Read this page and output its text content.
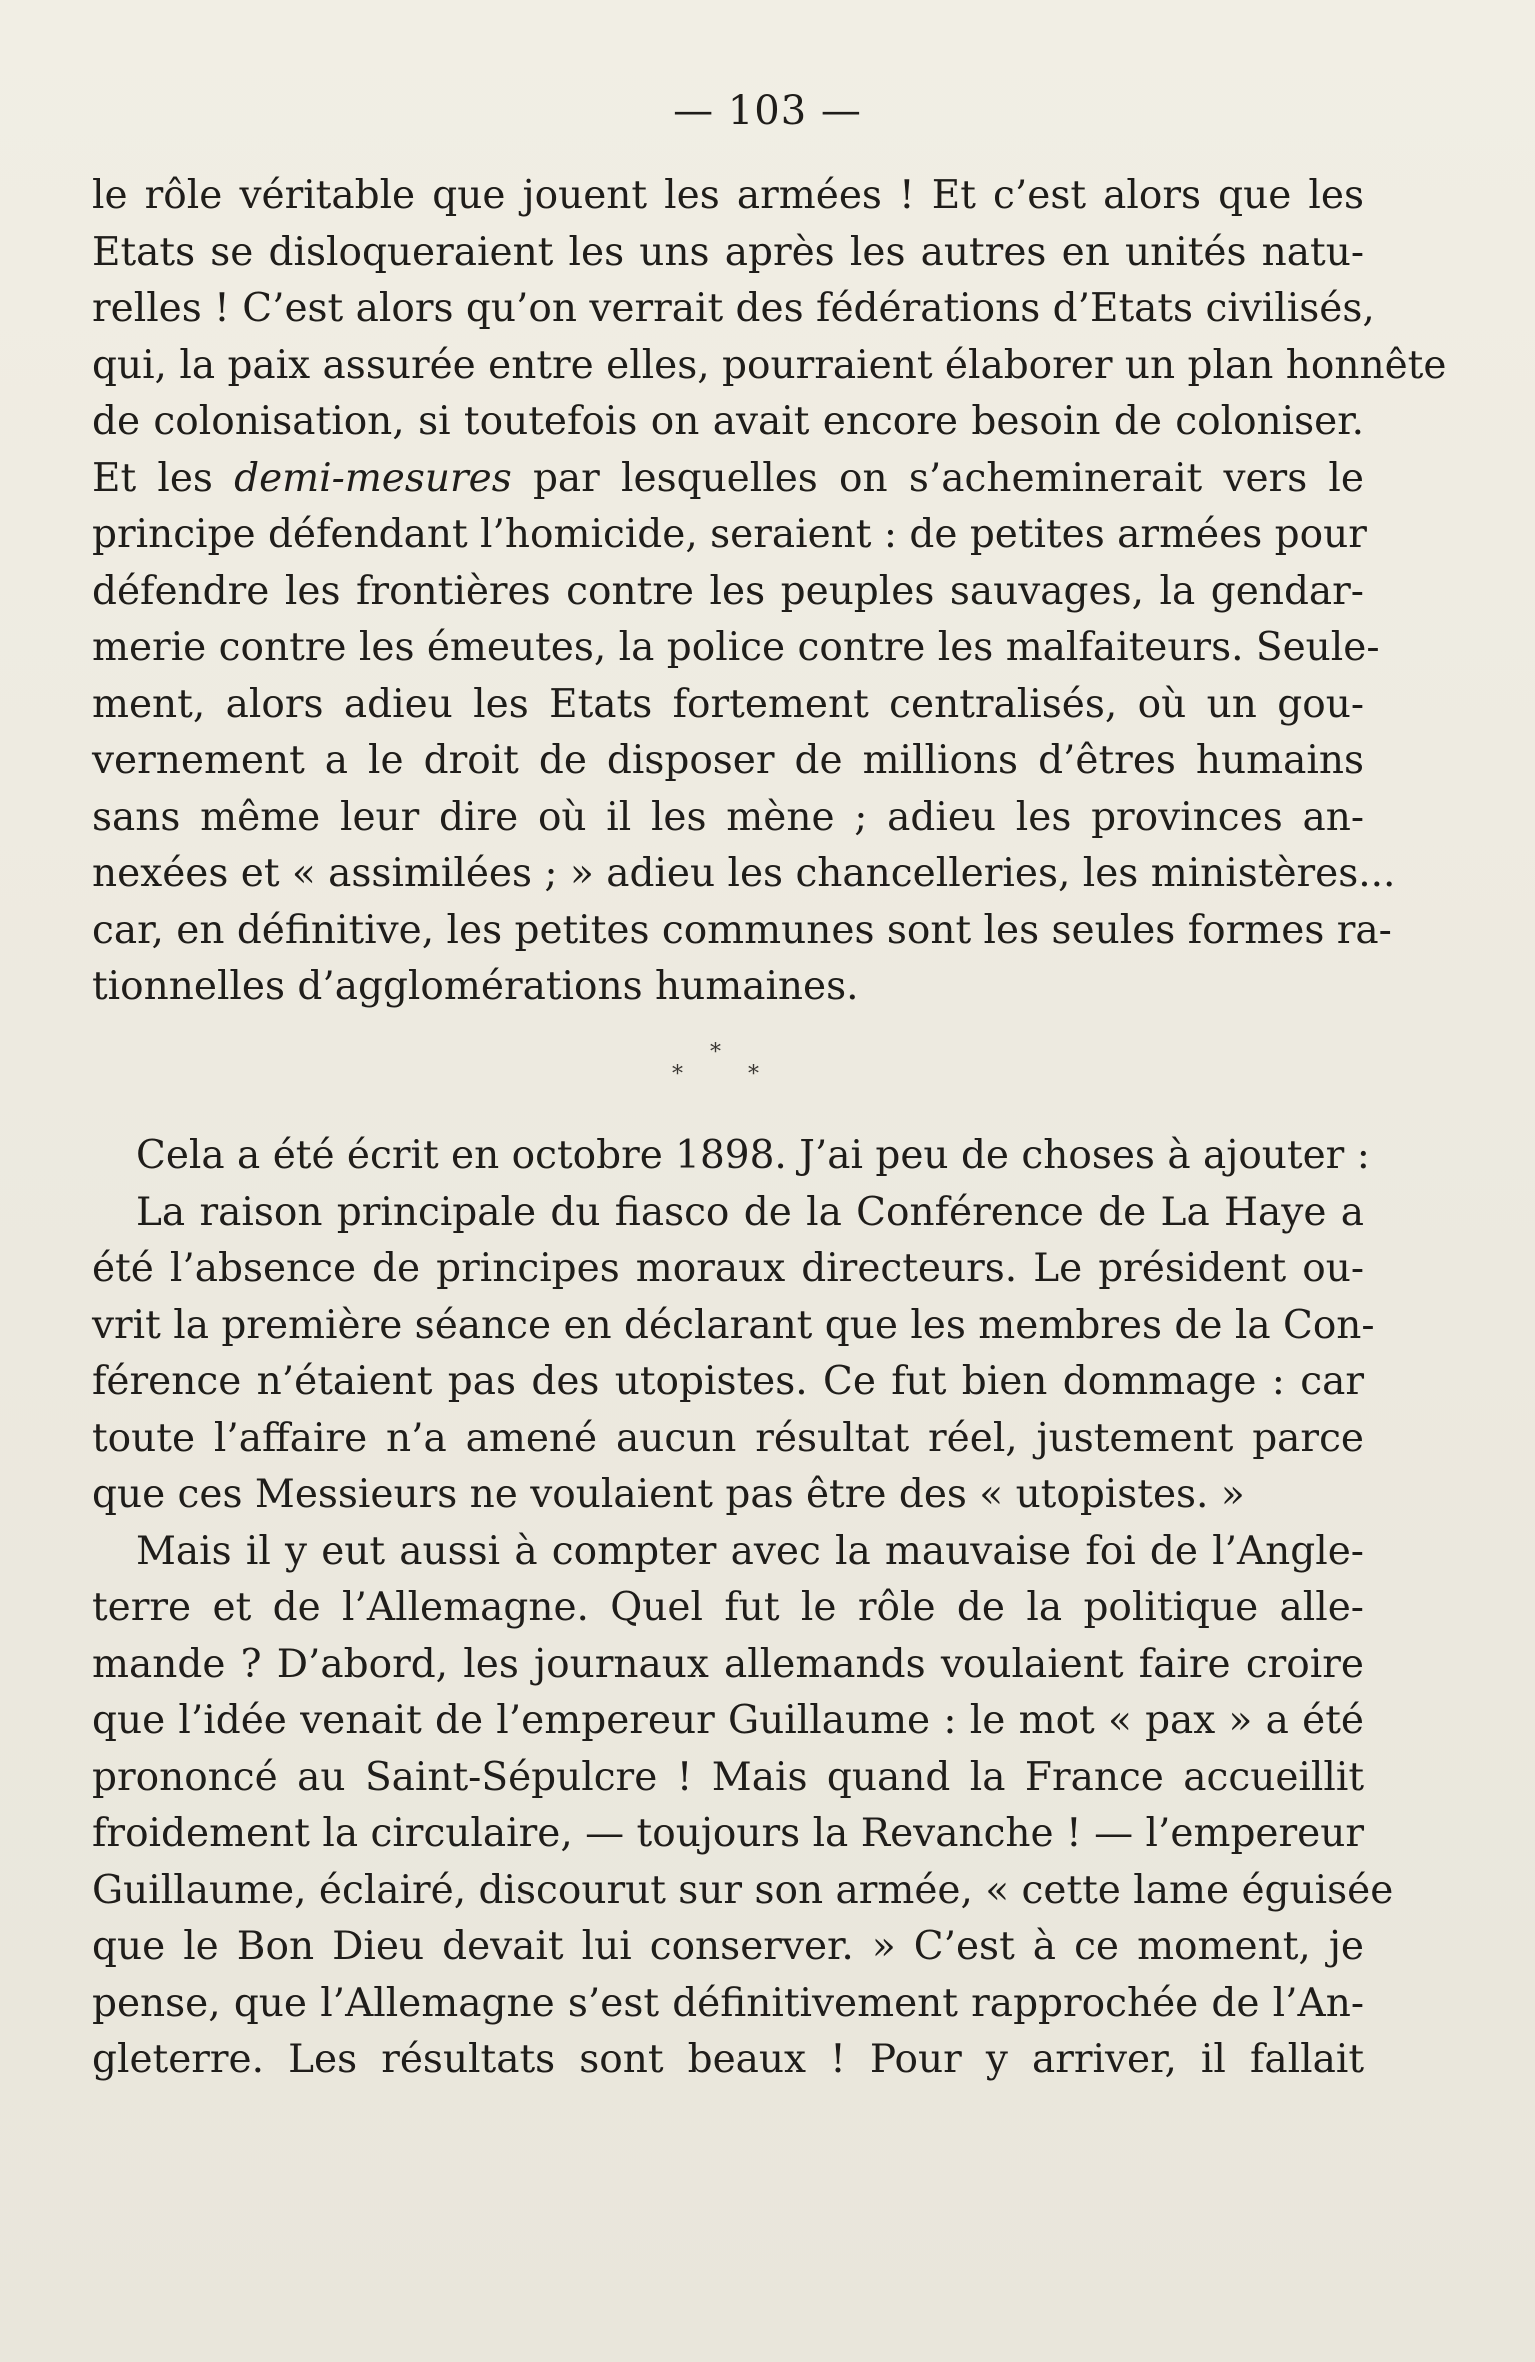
— 103 —
le rôle véritable que jouent les armées ! Et c’est alors que les
Etats se disloqueraient les uns après les autres en unités natu-
relles ! C’est alors qu’on verrait des fédérations d’Etats civilisés,
qui, la paix assurée entre elles, pourraient élaborer un plan honnête
de colonisation, si toutefois on avait encore besoin de coloniser.
Et les demi-mesures par lesquelles on s’acheminerait vers le
principe défendant l’homicide, seraient : de petites armées pour
défendre les frontières contre les peuples sauvages, la gendar-
merie contre les émeutes, la police contre les malfaiteurs. Seule-
ment, alors adieu les Etats fortement centralisés, où un gou-
vernement a le droit de disposer de millions d’êtres humains
sans même leur dire où il les mène ; adieu les provinces an-
nexées et « assimilées ; » adieu les chancelleries, les ministères...
car, en définitive, les petites communes sont les seules formes ra-
tionnelles d’agglomérations humaines.
*
*	*
Cela a été écrit en octobre 1898. J’ai peu de choses à ajouter :
La raison principale du fiasco de la Conférence de La Haye a
été l’absence de principes moraux directeurs. Le président ou-
vrit la première séance en déclarant que les membres de la Con-
férence n’étaient pas des utopistes. Ce fut bien dommage : car
toute l’affaire n’a amené aucun résultat réel, justement parce
que ces Messieurs ne voulaient pas être des « utopistes. »
Mais il y eut aussi à compter avec la mauvaise foi de l’Angle-
terre et de l’Allemagne. Quel fut le rôle de la politique alle-
mande ? D’abord, les journaux allemands voulaient faire croire
que l’idée venait de l’empereur Guillaume : le mot « pax » a été
prononcé au Saint-Sépulcre ! Mais quand la France accueillit
froidement la circulaire, — toujours la Revanche ! — l’empereur
Guillaume, éclairé, discourut sur son armée, « cette lame éguisée
que le Bon Dieu devait lui conserver. » C’est à ce moment, je
pense, que l’Allemagne s’est définitivement rapprochée de l’An-
gleterre. Les résultats sont beaux ! Pour y arriver, il fallait
